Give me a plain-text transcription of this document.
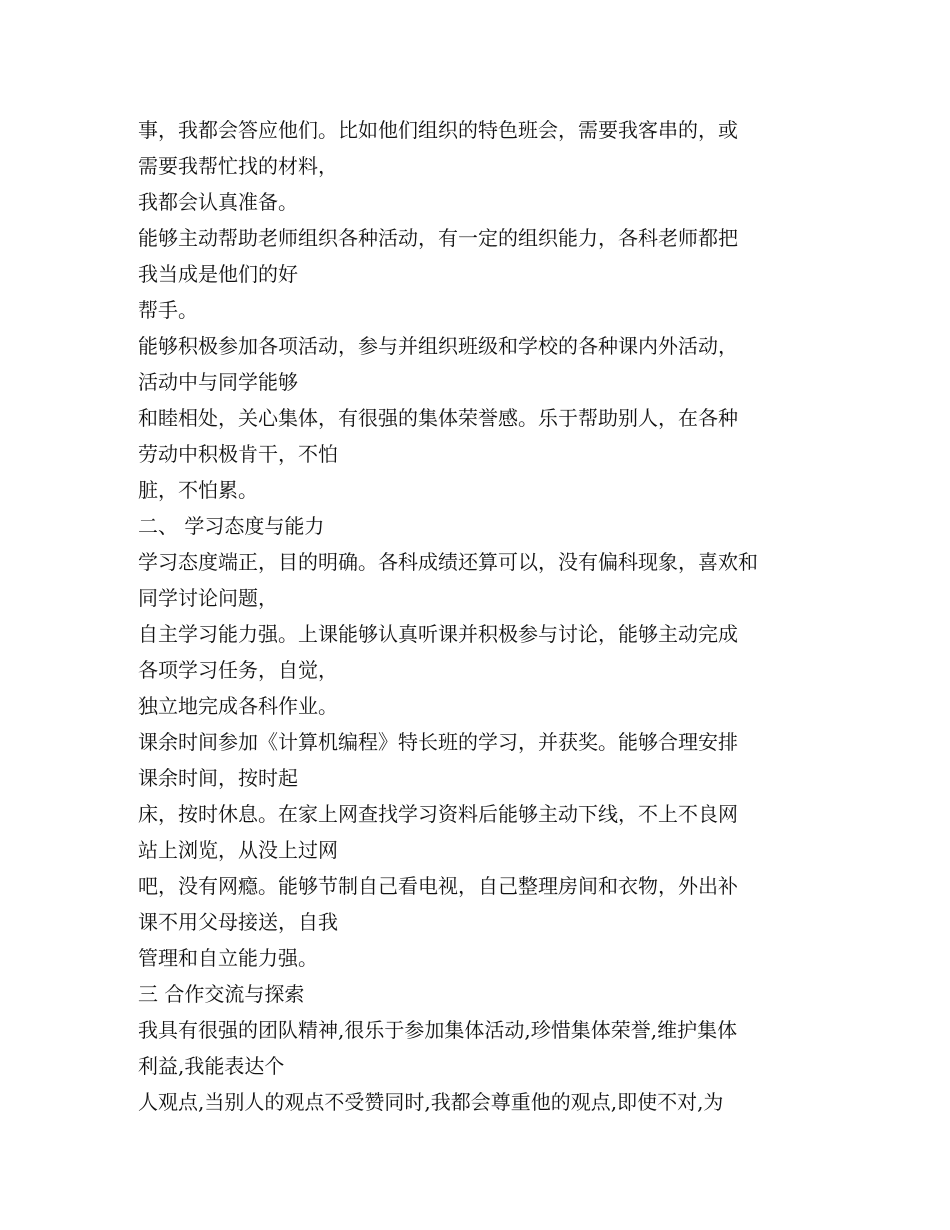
事，我都会答应他们。比如他们组织的特色班会，需要我客串的，或
需要我帮忙找的材料，
我都会认真准备。
能够主动帮助老师组织各种活动，有一定的组织能力，各科老师都把
我当成是他们的好
帮手。
能够积极参加各项活动，参与并组织班级和学校的各种课内外活动，
活动中与同学能够
和睦相处，关心集体，有很强的集体荣誉感。乐于帮助别人，在各种
劳动中积极肯干，不怕
脏，不怕累。
二、 学习态度与能力
学习态度端正，目的明确。各科成绩还算可以，没有偏科现象，喜欢和
同学讨论问题，
自主学习能力强。上课能够认真听课并积极参与讨论，能够主动完成
各项学习任务，自觉，
独立地完成各科作业。
课余时间参加《计算机编程》特长班的学习，并获奖。能够合理安排
课余时间，按时起
床，按时休息。在家上网查找学习资料后能够主动下线，不上不良网
站上浏览，从没上过网
吧，没有网瘾。能够节制自己看电视，自己整理房间和衣物，外出补
课不用父母接送，自我
管理和自立能力强。
三 合作交流与探索
我具有很强的团队精神,很乐于参加集体活动,珍惜集体荣誉,维护集体
利益,我能表达个
人观点,当别人的观点不受赞同时,我都会尊重他的观点,即使不对,为
